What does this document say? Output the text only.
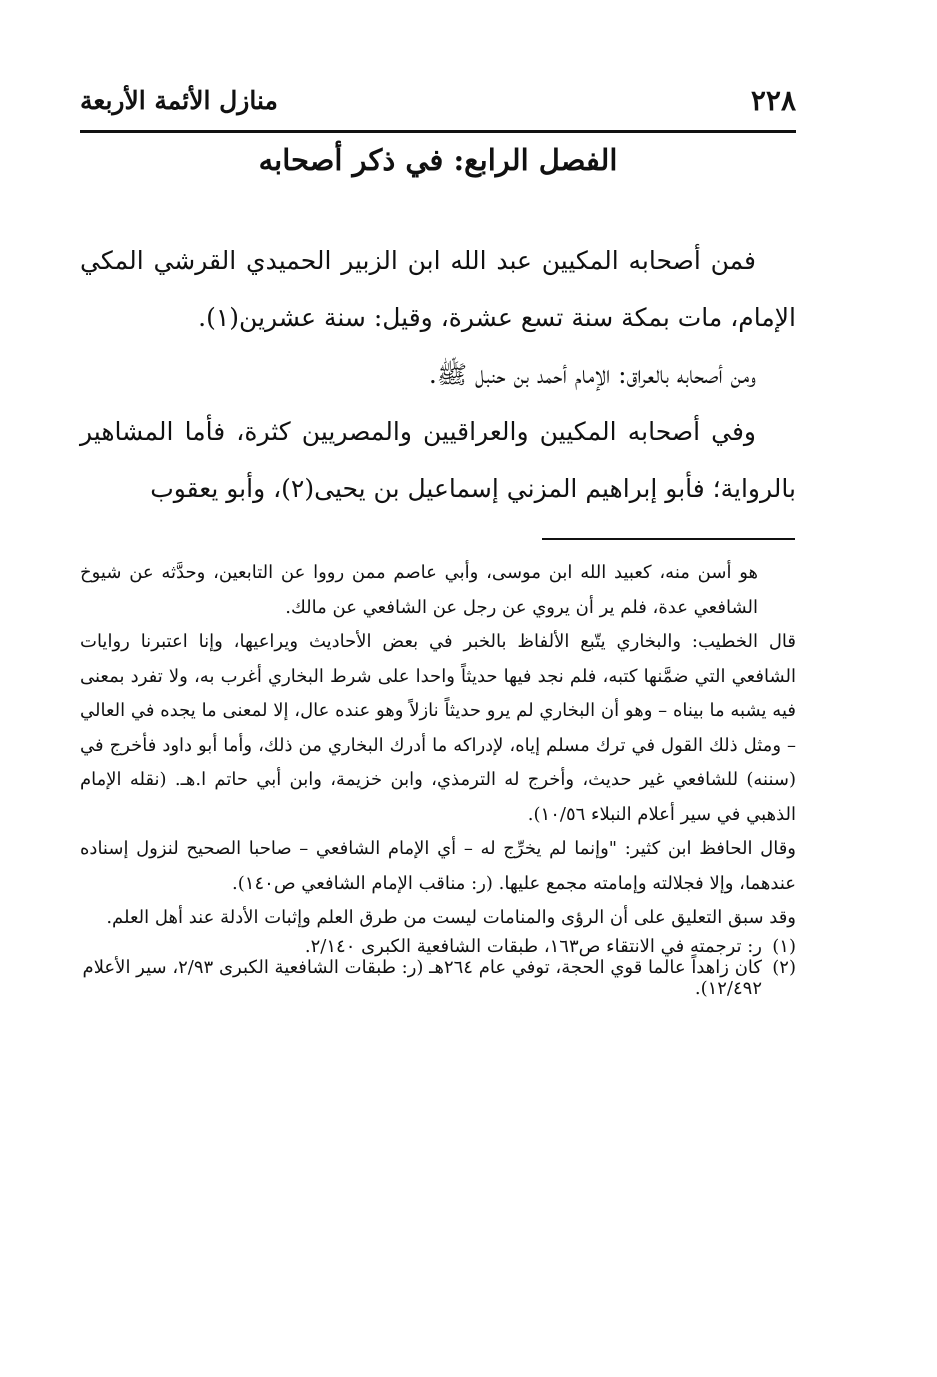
٢٢٨
منازل الأئمة الأربعة
الفصل الرابع: في ذكر أصحابه

فمن أصحابه المكيين عبد الله ابن الزبير الحميدي القرشي المكي الإمام، مات بمكة سنة تسع عشرة، وقيل: سنة عشرين(١).

ومن أصحابه بالعراق: الإمام أحمد بن حنبل ﷺ.

وفي أصحابه المكيين والعراقيين والمصريين كثرة، فأما المشاهير بالرواية؛ فأبو إبراهيم المزني إسماعيل بن يحيى(٢)، وأبو يعقوب

هو أسن منه، كعبيد الله ابن موسى، وأبي عاصم ممن رووا عن التابعين، وحدَّثه عن شيوخ الشافعي عدة، فلم ير أن يروي عن رجل عن الشافعي عن مالك.

قال الخطيب: والبخاري يتّبع الألفاظ بالخبر في بعض الأحاديث ويراعيها، وإنا اعتبرنا روايات الشافعي التي ضمَّنها كتبه، فلم نجد فيها حديثاً واحدا على شرط البخاري أغرب به، ولا تفرد بمعنى فيه يشبه ما بيناه – وهو أن البخاري لم يرو حديثاً نازلاً وهو عنده عال، إلا لمعنى ما يجده في العالي – ومثل ذلك القول في ترك مسلم إياه، لإدراكه ما أدرك البخاري من ذلك، وأما أبو داود فأخرج في (سننه) للشافعي غير حديث، وأخرج له الترمذي، وابن خزيمة، وابن أبي حاتم ا.هـ. (نقله الإمام الذهبي في سير أعلام النبلاء ١٠/٥٦).

وقال الحافظ ابن كثير: "وإنما لم يخرِّج له – أي الإمام الشافعي – صاحبا الصحيح لنزول إسناده عندهما، وإلا فجلالته وإمامته مجمع عليها. (ر: مناقب الإمام الشافعي ص١٤٠).

وقد سبق التعليق على أن الرؤى والمنامات ليست من طرق العلم وإثبات الأدلة عند أهل العلم.

(١)
ر: ترجمته في الانتقاء ص١٦٣، طبقات الشافعية الكبرى ٢/١٤٠.
(٢)
كان زاهداً عالما قوي الحجة، توفي عام ٢٦٤هـ (ر: طبقات الشافعية الكبرى ٢/٩٣، سير الأعلام ١٢/٤٩٢).
